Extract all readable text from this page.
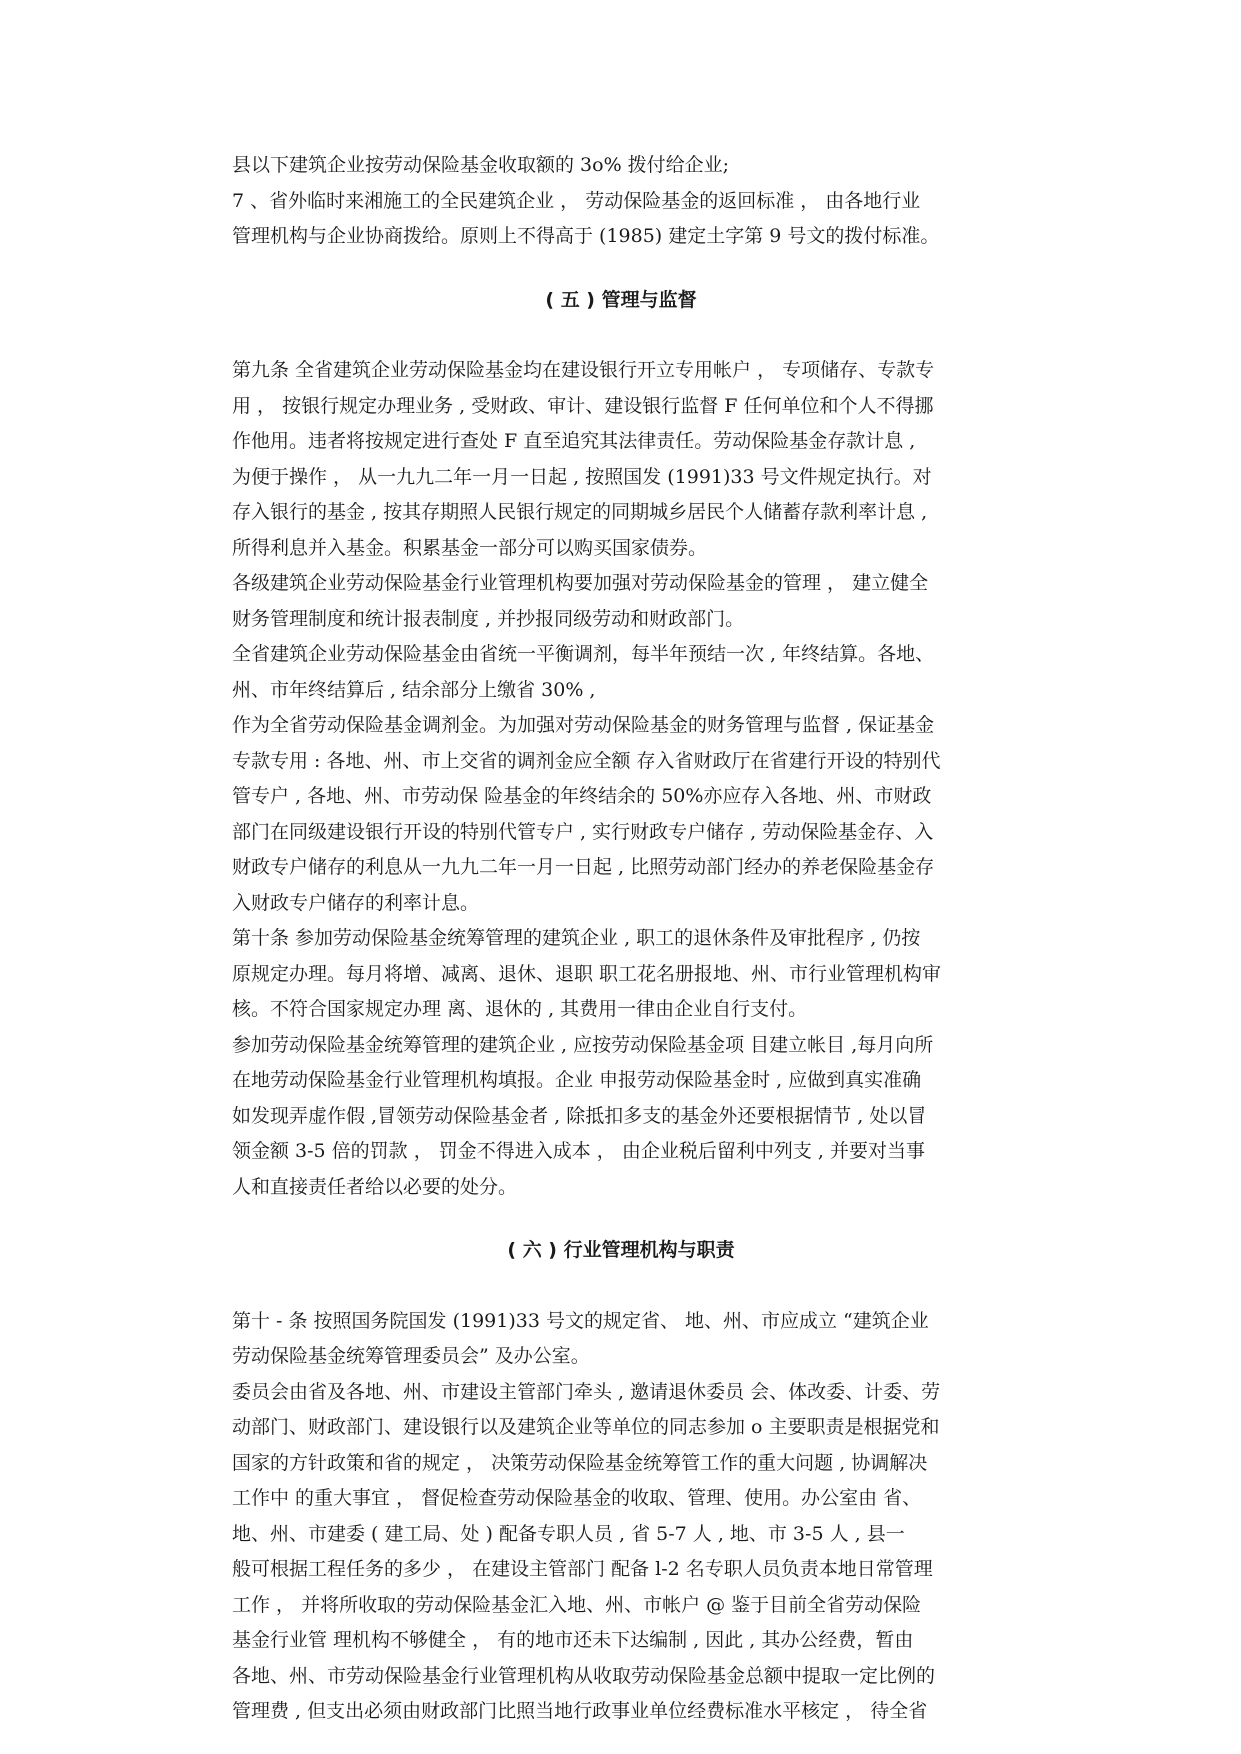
县以下建筑企业按劳动保险基金收取额的 3o% 拨付给企业;
7 、省外临时来湘施工的全民建筑企业 ， 劳动保险基金的返回标准 ， 由各地行业
管理机构与企业协商拨给。原则上不得高于 (1985) 建定土字第 9 号文的拨付标准。
( 五 ) 管理与监督
第九条 全省建筑企业劳动保险基金均在建设银行开立专用帐户 ， 专项储存、专款专
用 ， 按银行规定办理业务 , 受财政、审计、建设银行监督 F 任何单位和个人不得挪
作他用。违者将按规定进行查处 F 直至追究其法律责任。劳动保险基金存款计息 ,
为便于操作 ， 从一九九二年一月一日起 , 按照国发 (1991)33 号文件规定执行。对
存入银行的基金 , 按其存期照人民银行规定的同期城乡居民个人储蓄存款利率计息 ,
所得利息并入基金。积累基金一部分可以购买国家债券。
各级建筑企业劳动保险基金行业管理机构要加强对劳动保险基金的管理 ， 建立健全
财务管理制度和统计报表制度 , 并抄报同级劳动和财政部门。
全省建筑企业劳动保险基金由省统一平衡调剂，每半年预结一次 , 年终结算。各地、
州、市年终结算后 , 结余部分上缴省 30% ,
作为全省劳动保险基金调剂金。为加强对劳动保险基金的财务管理与监督 , 保证基金
专款专用 : 各地、州、市上交省的调剂金应全额 存入省财政厅在省建行开设的特别代
管专户 , 各地、州、市劳动保 险基金的年终结余的 50%亦应存入各地、州、市财政
部门在同级建设银行开设的特别代管专户 , 实行财政专户储存 , 劳动保险基金存、入
财政专户储存的利息从一九九二年一月一日起 , 比照劳动部门经办的养老保险基金存
入财政专户储存的利率计息。
第十条 参加劳动保险基金统筹管理的建筑企业 , 职工的退休条件及审批程序 , 仍按
原规定办理。每月将增、减离、退休、退职 职工花名册报地、州、市行业管理机构审
核。不符合国家规定办理 离、退休的 , 其费用一律由企业自行支付。
参加劳动保险基金统筹管理的建筑企业 , 应按劳动保险基金项 目建立帐目 ,每月向所
在地劳动保险基金行业管理机构填报。企业 申报劳动保险基金时 , 应做到真实准确
如发现弄虚作假 ,冒领劳动保险基金者 , 除抵扣多支的基金外还要根据情节 , 处以冒
领金额 3-5 倍的罚款 ， 罚金不得进入成本 ， 由企业税后留利中列支 , 并要对当事
人和直接责任者给以必要的处分。
( 六 ) 行业管理机构与职责
第十 - 条 按照国务院国发 (1991)33 号文的规定省、 地、州、市应成立 “建筑企业
劳动保险基金统筹管理委员会” 及办公室。
委员会由省及各地、州、市建设主管部门牵头 , 邀请退休委员 会、体改委、计委、劳
动部门、财政部门、建设银行以及建筑企业等单位的同志参加 o 主要职责是根据党和
国家的方针政策和省的规定 ， 决策劳动保险基金统筹管工作的重大问题 , 协调解决
工作中 的重大事宜 ， 督促检查劳动保险基金的收取、管理、使用。办公室由 省、
地、州、市建委 ( 建工局、处 ) 配备专职人员 , 省 5-7 人 , 地、市 3-5 人 , 县一
般可根据工程任务的多少 ， 在建设主管部门 配备 l-2 名专职人员负责本地日常管理
工作 ， 并将所收取的劳动保险基金汇入地、州、市帐户 @ 鉴于目前全省劳动保险
基金行业管 理机构不够健全 ， 有的地市还未下达编制 , 因此 , 其办公经费，暂由
各地、州、市劳动保险基金行业管理机构从收取劳动保险基金总额中提取一定比例的
管理费 , 但支出必须由财政部门比照当地行政事业单位经费标准水平核定 ， 待全省
